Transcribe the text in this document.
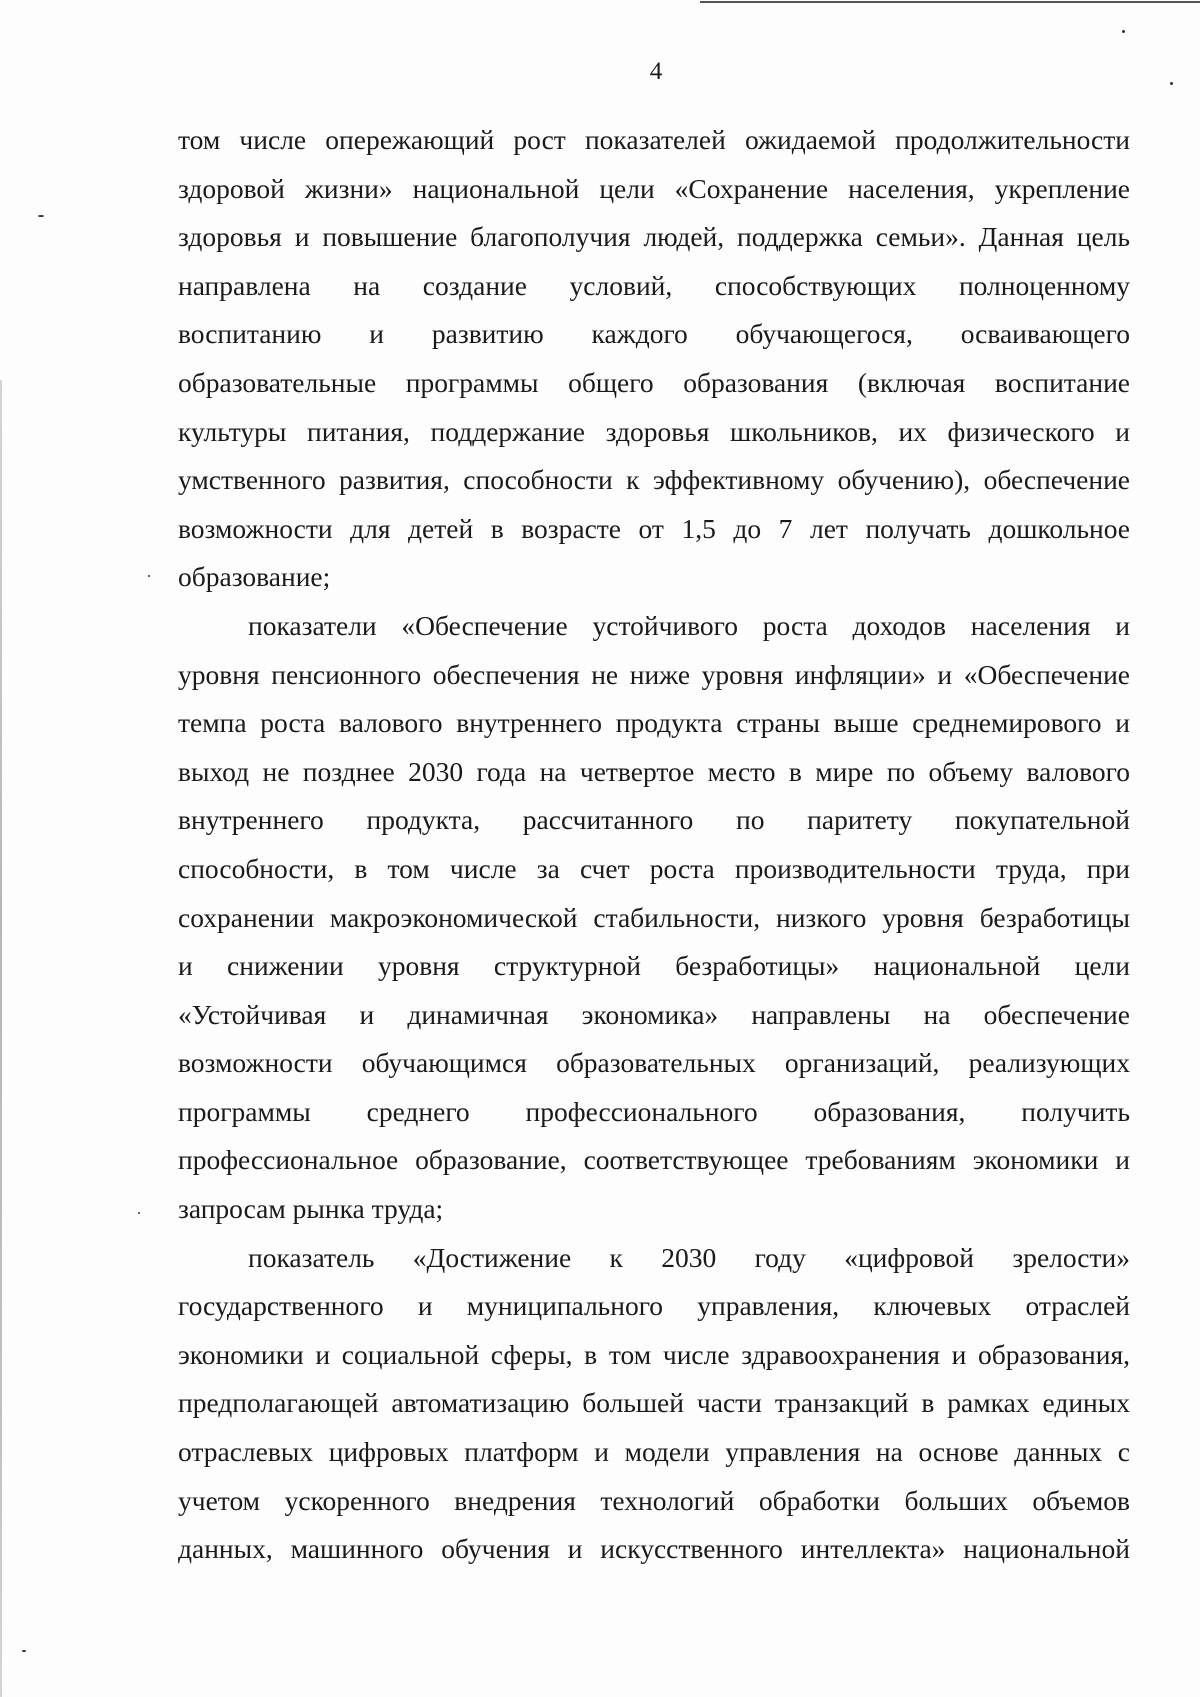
4
том числе опережающий рост показателей ожидаемой продолжительности
здоровой жизни» национальной цели «Сохранение населения, укрепление
здоровья и повышение благополучия людей, поддержка семьи». Данная цель
направлена на создание условий, способствующих полноценному
воспитанию и развитию каждого обучающегося, осваивающего
образовательные программы общего образования (включая воспитание
культуры питания, поддержание здоровья школьников, их физического и
умственного развития, способности к эффективному обучению), обеспечение
возможности для детей в возрасте от 1,5 до 7 лет получать дошкольное
образование;
показатели «Обеспечение устойчивого роста доходов населения и
уровня пенсионного обеспечения не ниже уровня инфляции» и «Обеспечение
темпа роста валового внутреннего продукта страны выше среднемирового и
выход не позднее 2030 года на четвертое место в мире по объему валового
внутреннего продукта, рассчитанного по паритету покупательной
способности, в том числе за счет роста производительности труда, при
сохранении макроэкономической стабильности, низкого уровня безработицы
и снижении уровня структурной безработицы» национальной цели
«Устойчивая и динамичная экономика» направлены на обеспечение
возможности обучающимся образовательных организаций, реализующих
программы среднего профессионального образования, получить
профессиональное образование, соответствующее требованиям экономики и
запросам рынка труда;
показатель «Достижение к 2030 году «цифровой зрелости»
государственного и муниципального управления, ключевых отраслей
экономики и социальной сферы, в том числе здравоохранения и образования,
предполагающей автоматизацию большей части транзакций в рамках единых
отраслевых цифровых платформ и модели управления на основе данных с
учетом ускоренного внедрения технологий обработки больших объемов
данных, машинного обучения и искусственного интеллекта» национальной
